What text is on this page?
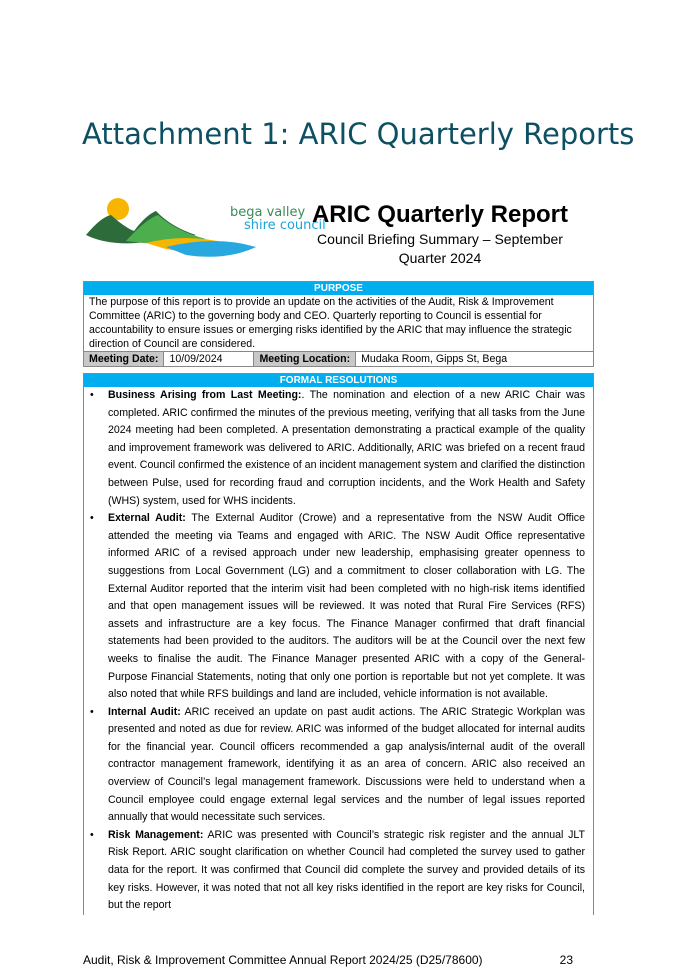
Attachment 1: ARIC Quarterly Reports
bega valley
shire council
ARIC Quarterly Report
Council Briefing Summary – September Quarter 2024
PURPOSE
The purpose of this report is to provide an update on the activities of the Audit, Risk & Improvement Committee (ARIC) to the governing body and CEO. Quarterly reporting to Council is essential for accountability to ensure issues or emerging risks identified by the ARIC that may influence the strategic direction of Council are considered.
Meeting Date:	10/09/2024	Meeting Location:	Mudaka Room, Gipps St, Bega
FORMAL RESOLUTIONS
• Business Arising from Last Meeting:. The nomination and election of a new ARIC Chair was completed. ARIC confirmed the minutes of the previous meeting, verifying that all tasks from the June 2024 meeting had been completed. A presentation demonstrating a practical example of the quality and improvement framework was delivered to ARIC. Additionally, ARIC was briefed on a recent fraud event. Council confirmed the existence of an incident management system and clarified the distinction between Pulse, used for recording fraud and corruption incidents, and the Work Health and Safety (WHS) system, used for WHS incidents.
• External Audit: The External Auditor (Crowe) and a representative from the NSW Audit Office attended the meeting via Teams and engaged with ARIC. The NSW Audit Office representative informed ARIC of a revised approach under new leadership, emphasising greater openness to suggestions from Local Government (LG) and a commitment to closer collaboration with LG. The External Auditor reported that the interim visit had been completed with no high-risk items identified and that open management issues will be reviewed. It was noted that Rural Fire Services (RFS) assets and infrastructure are a key focus. The Finance Manager confirmed that draft financial statements had been provided to the auditors. The auditors will be at the Council over the next few weeks to finalise the audit. The Finance Manager presented ARIC with a copy of the General-Purpose Financial Statements, noting that only one portion is reportable but not yet complete. It was also noted that while RFS buildings and land are included, vehicle information is not available.
• Internal Audit: ARIC received an update on past audit actions. The ARIC Strategic Workplan was presented and noted as due for review. ARIC was informed of the budget allocated for internal audits for the financial year. Council officers recommended a gap analysis/internal audit of the overall contractor management framework, identifying it as an area of concern. ARIC also received an overview of Council’s legal management framework. Discussions were held to understand when a Council employee could engage external legal services and the number of legal issues reported annually that would necessitate such services.
• Risk Management: ARIC was presented with Council’s strategic risk register and the annual JLT Risk Report. ARIC sought clarification on whether Council had completed the survey used to gather data for the report. It was confirmed that Council did complete the survey and provided details of its key risks. However, it was noted that not all key risks identified in the report are key risks for Council, but the report
Audit, Risk & Improvement Committee Annual Report 2024/25 (D25/78600)	23
